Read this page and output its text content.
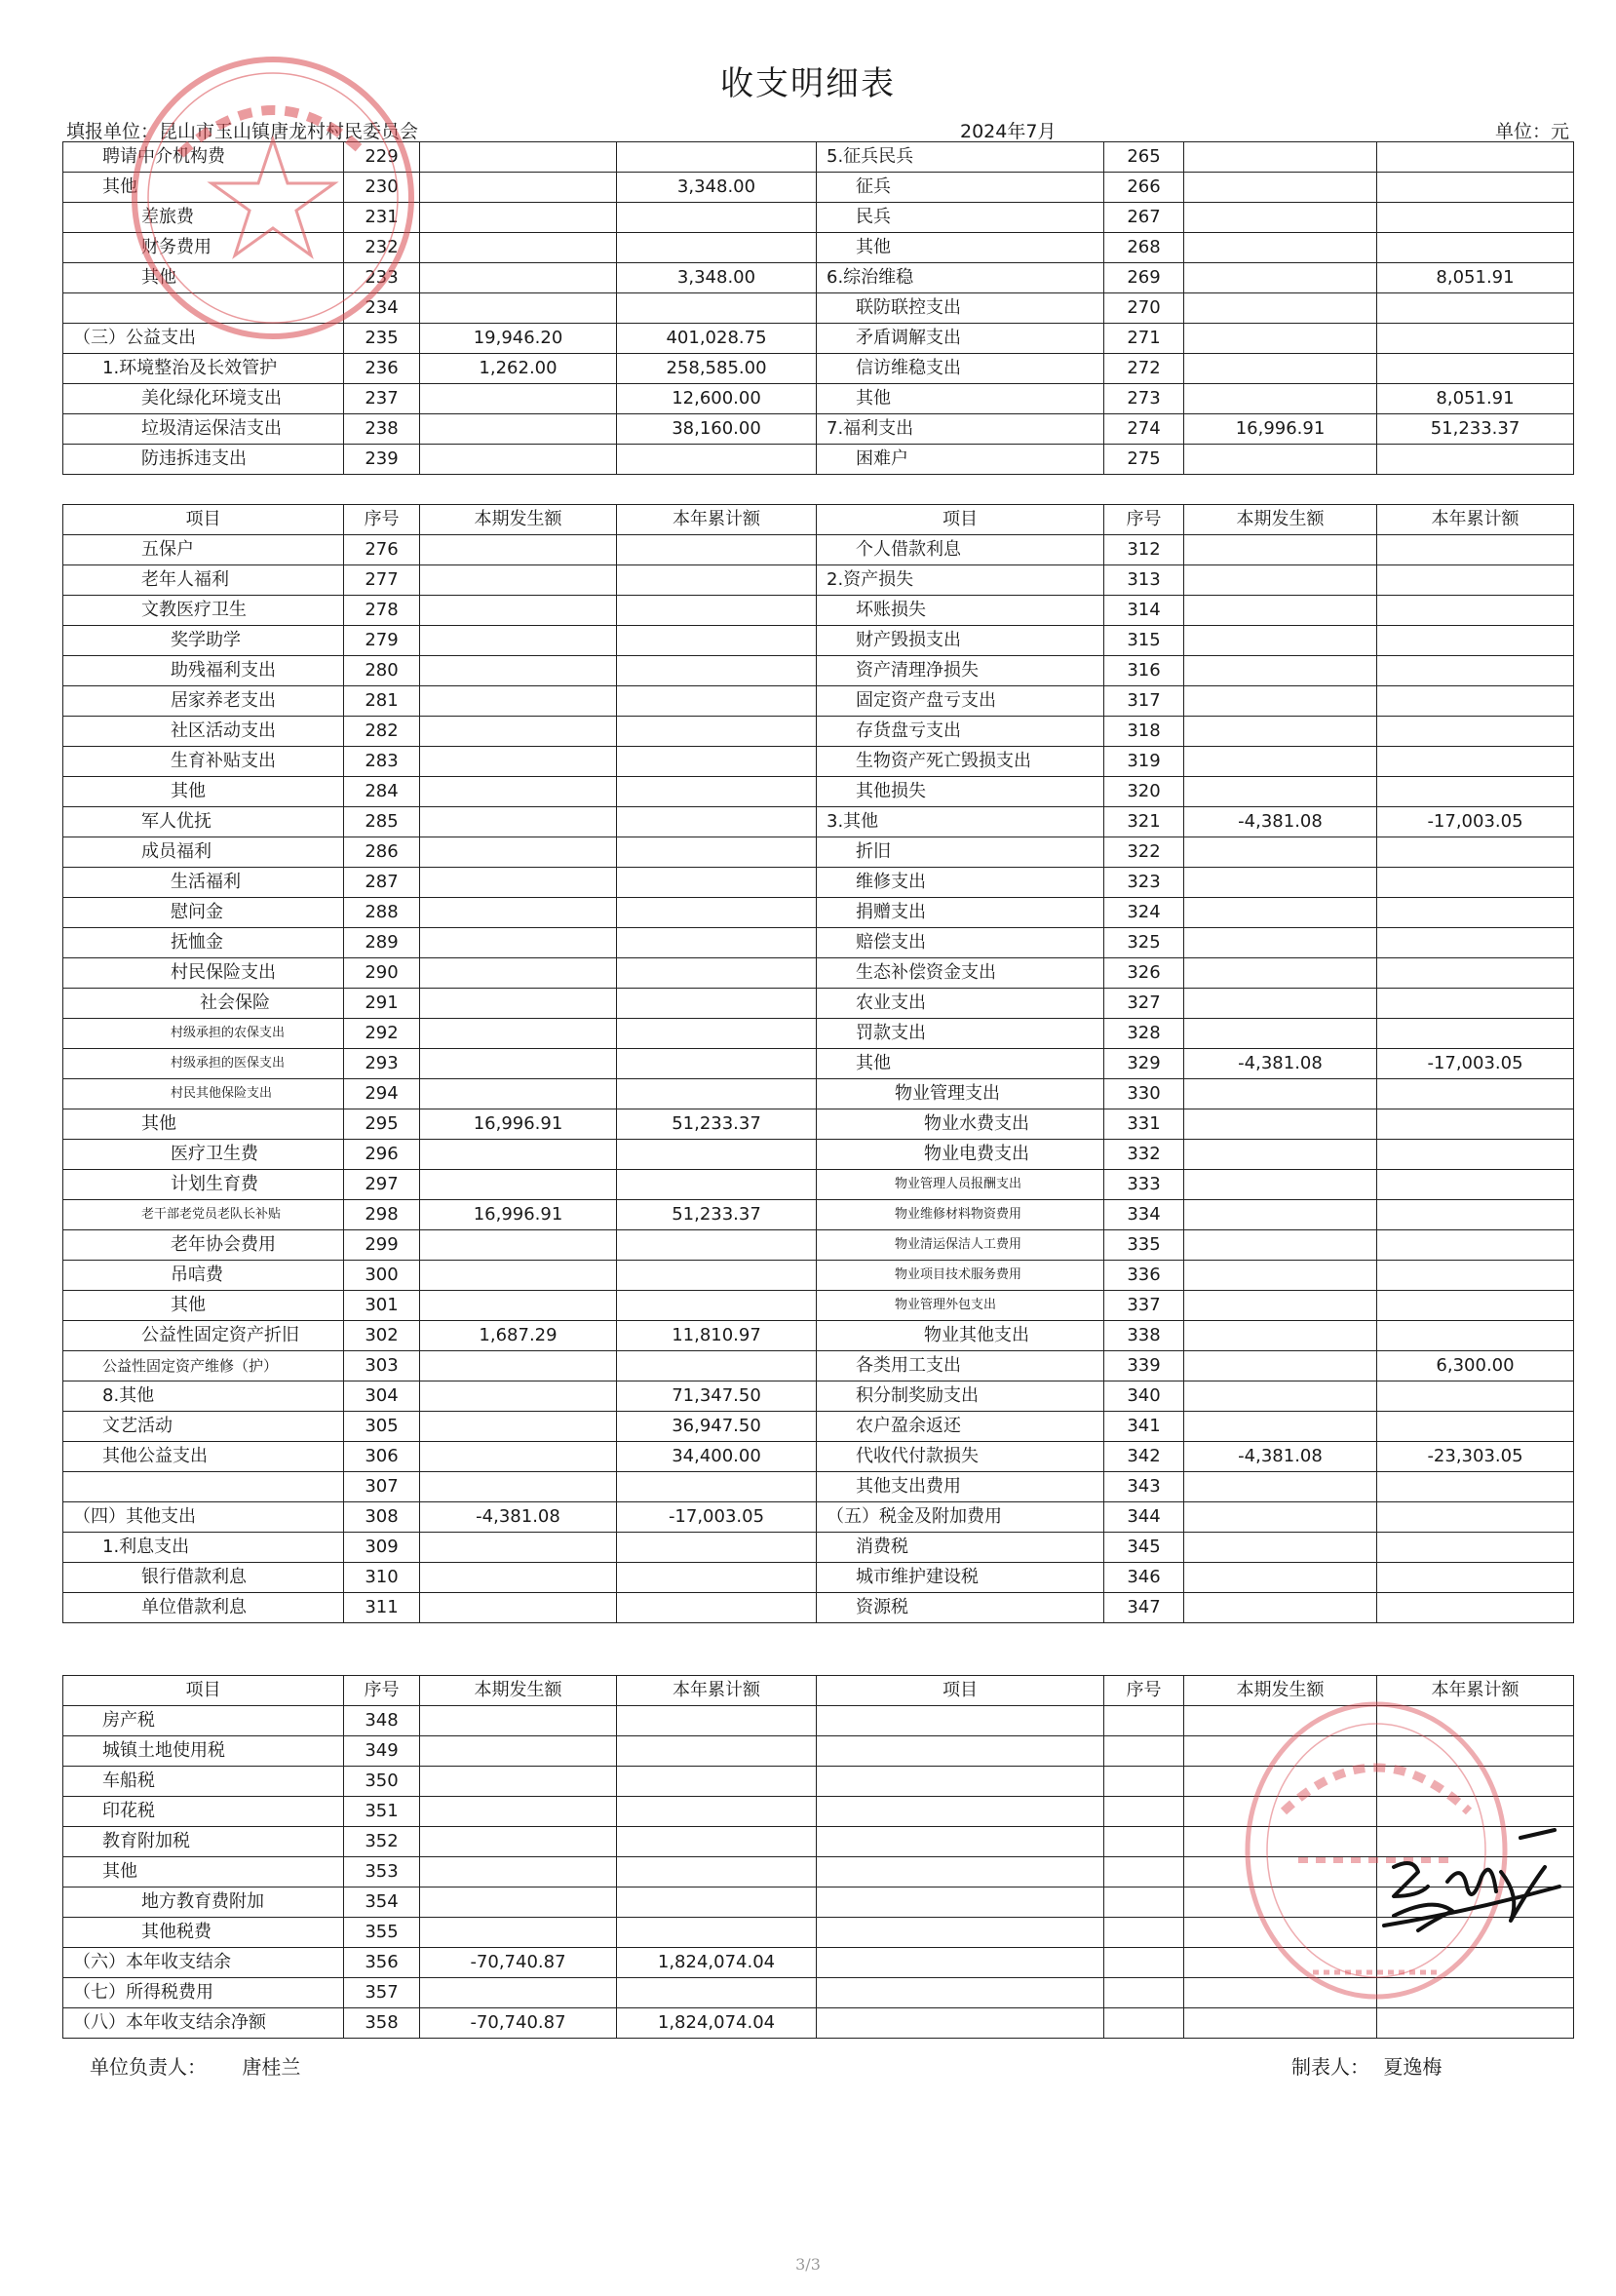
收支明细表
填报单位：昆山市玉山镇唐龙村村民委员会	2024年7月	单位：元
聘请中介机构费	229			5.征兵民兵	265		
其他	230		3,348.00	征兵	266		
差旅费	231			民兵	267		
财务费用	232			其他	268		
其他	233		3,348.00	6.综治维稳	269		8,051.91
	234			联防联控支出	270		
（三）公益支出	235	19,946.20	401,028.75	矛盾调解支出	271		
1.环境整治及长效管护	236	1,262.00	258,585.00	信访维稳支出	272		
美化绿化环境支出	237		12,600.00	其他	273		8,051.91
垃圾清运保洁支出	238		38,160.00	7.福利支出	274	16,996.91	51,233.37
防违拆违支出	239			困难户	275		
项目	序号	本期发生额	本年累计额	项目	序号	本期发生额	本年累计额
五保户	276			个人借款利息	312		
老年人福利	277			2.资产损失	313		
文教医疗卫生	278			坏账损失	314		
奖学助学	279			财产毁损支出	315		
助残福利支出	280			资产清理净损失	316		
居家养老支出	281			固定资产盘亏支出	317		
社区活动支出	282			存货盘亏支出	318		
生育补贴支出	283			生物资产死亡毁损支出	319		
其他	284			其他损失	320		
军人优抚	285			3.其他	321	-4,381.08	-17,003.05
成员福利	286			折旧	322		
生活福利	287			维修支出	323		
慰问金	288			捐赠支出	324		
抚恤金	289			赔偿支出	325		
村民保险支出	290			生态补偿资金支出	326		
社会保险	291			农业支出	327		
村级承担的农保支出	292			罚款支出	328		
村级承担的医保支出	293			其他	329	-4,381.08	-17,003.05
村民其他保险支出	294			物业管理支出	330		
其他	295	16,996.91	51,233.37	物业水费支出	331		
医疗卫生费	296			物业电费支出	332		
计划生育费	297			物业管理人员报酬支出	333		
老干部老党员老队长补贴	298	16,996.91	51,233.37	物业维修材料物资费用	334		
老年协会费用	299			物业清运保洁人工费用	335		
吊唁费	300			物业项目技术服务费用	336		
其他	301			物业管理外包支出	337		
公益性固定资产折旧	302	1,687.29	11,810.97	物业其他支出	338		
公益性固定资产维修（护）	303			各类用工支出	339		6,300.00
8.其他	304		71,347.50	积分制奖励支出	340		
文艺活动	305		36,947.50	农户盈余返还	341		
其他公益支出	306		34,400.00	代收代付款损失	342	-4,381.08	-23,303.05
	307			其他支出费用	343		
（四）其他支出	308	-4,381.08	-17,003.05	（五）税金及附加费用	344		
1.利息支出	309			消费税	345		
银行借款利息	310			城市维护建设税	346		
单位借款利息	311			资源税	347		
项目	序号	本期发生额	本年累计额	项目	序号	本期发生额	本年累计额
房产税	348						
城镇土地使用税	349						
车船税	350						
印花税	351						
教育附加税	352						
其他	353						
地方教育费附加	354						
其他税费	355						
（六）本年收支结余	356	-70,740.87	1,824,074.04				
（七）所得税费用	357						
（八）本年收支结余净额	358	-70,740.87	1,824,074.04				
单位负责人： 唐桂兰	制表人： 夏逸梅
3/3
